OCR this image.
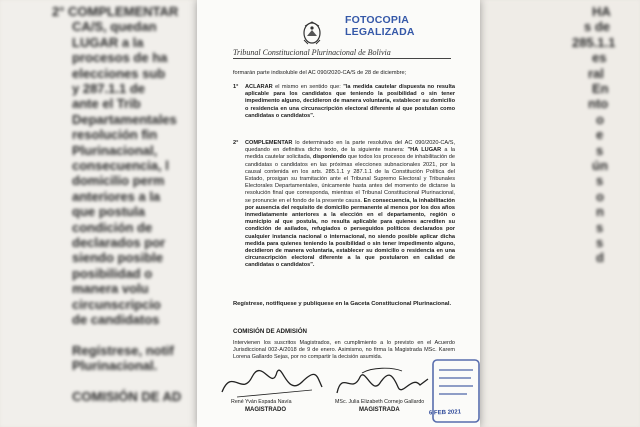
2° COMPLEMENTAR
CA/S, quedan
LUGAR a la
procesos de ha
elecciones sub
y 287.1.1 de
ante el Trib
Departamentales
resolución fin
Plurinacional,
consecuencia, l
domicilio perm
anteriores a la
que postula
condición de
declarados por
siendo posible
posibilidad o
manera volu
circunscripcio
de candidatos
Regístrese, notif
Plurinacional.
COMISIÓN DE AD
HA
s de
285.1.1
es
ral
En
nto
o
e
s
ún
s
o
n
s
s
d
FOTOCOPIA LEGALIZADA
Tribunal Constitucional Plurinacional de Bolivia
formarán parte indisoluble del AC 090/2020-CA/S de 28 de diciembre;
1° ACLARAR el mismo en sentido que: "la medida cautelar dispuesta no resulta aplicable para los candidatos que teniendo la posibilidad o sin tener impedimento alguno, decidieron de manera voluntaria, establecer su domicilio o residencia en una circunscripción electoral diferente al que postulan como candidatas o candidatos".
2° COMPLEMENTAR lo determinado en la parte resolutiva del AC 090/2020-CA/S, quedando en definitiva dicho texto, de la siguiente manera: "HA LUGAR a la medida cautelar solicitada, disponiendo que todos los procesos de inhabilitación de candidatas o candidatos en las próximas elecciones subnacionales 2021, por la causal contenida en los arts. 285.1.1 y 287.1.1 de la Constitución Política del Estado, prosigan su tramitación ante el Tribunal Supremo Electoral y Tribunales Electorales Departamentales, únicamente hasta antes del momento de dictarse la resolución final que corresponda, mientras el Tribunal Constitucional Plurinacional, se pronuncie en el fondo de la presente causa. En consecuencia, la inhabilitación por ausencia del requisito de domicilio permanente al menos por los dos años inmediatamente anteriores a la elección en el departamento, región o municipio al que postula, no resulta aplicable para quienes acrediten su condición de asilados, refugiados o perseguidos políticos declarados por cualquier instancia nacional o internacional, no siendo posible aplicar dicha medida para quienes teniendo la posibilidad o sin tener impedimento alguno, decidieron de manera voluntaria, establecer su domicilio o residencia en una circunscripción electoral diferente a la que postularon en calidad de candidatas o candidatos".
Regístrese, notifíquese y publíquese en la Gaceta Constitucional Plurinacional.
COMISIÓN DE ADMISIÓN
Intervienen los suscritos Magistrados, en cumplimiento a lo previsto en el Acuerdo Jurisdiccional 002-A/2018 de 9 de enero. Asimismo, no firma la Magistrada MSc. Karem Lorena Gallardo Sejas, por no compartir la decisión asumida.
René Yván Espada Navía
MAGISTRADO
MSc. Julia Elizabeth Cornejo Gallardo
MAGISTRADA	6 FEB 2021
